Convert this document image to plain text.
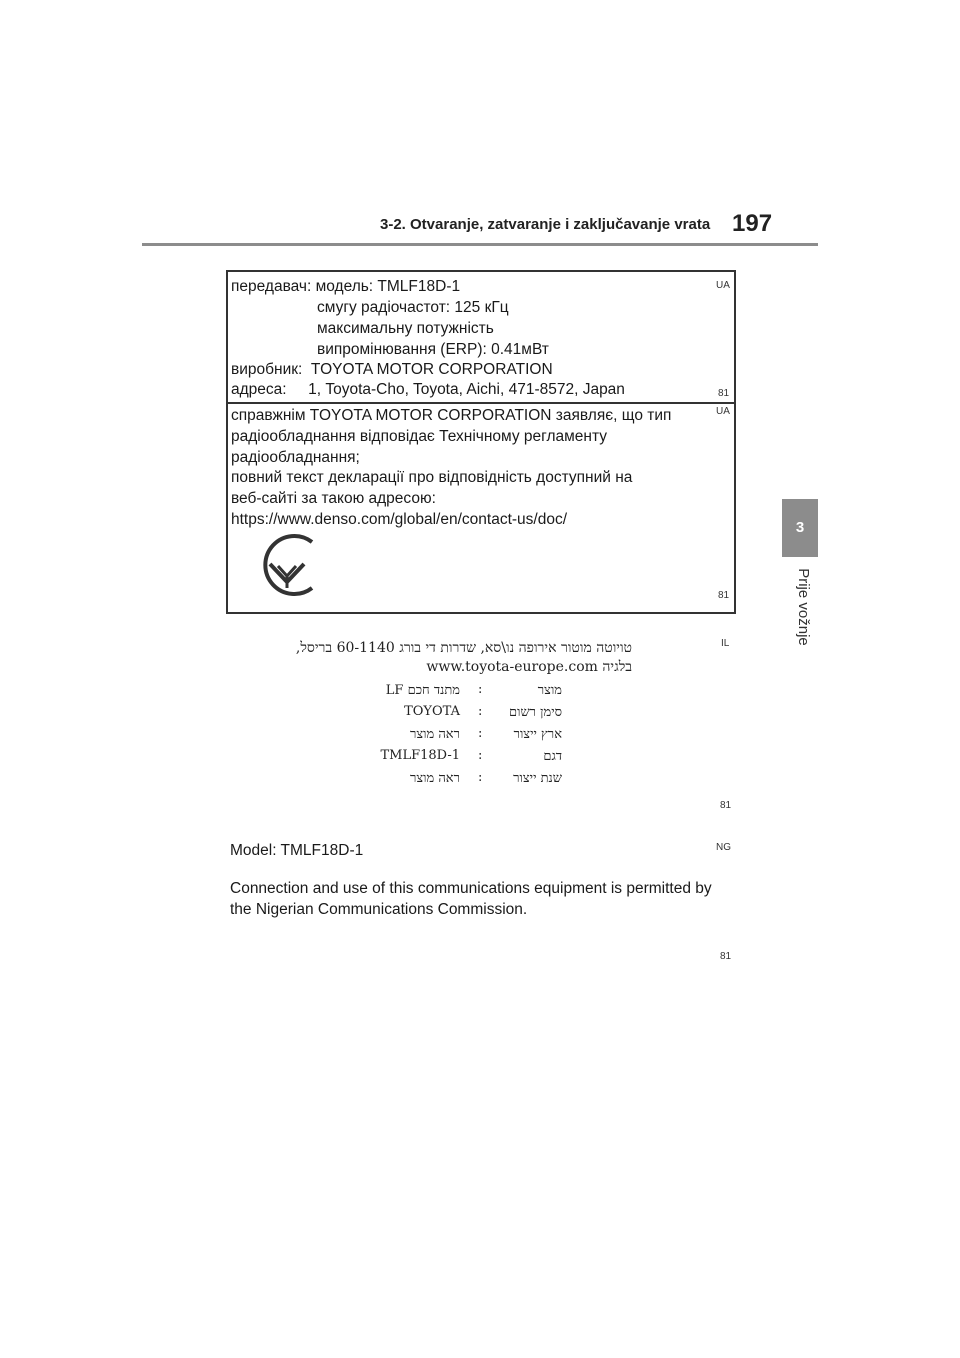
3-2. Otvaranje, zatvaranje i zaključavanje vrata 197
3
Prije vožnje
передавач: модель: TMLF18D-1
смугу радіочастот: 125 кГц
максимальну потужність
випромінювання (ERP): 0.41мВт
виробник:  TOYOTA MOTOR CORPORATION
адреса:     1, Toyota-Cho, Toyota, Aichi, 471-8572, Japan
UA
81
справжнім TOYOTA MOTOR CORPORATION заявляє, що тип
радіообладнання відповідає Технічному регламенту
радіообладнання;
повний текст декларації про відповідність доступний на
веб-сайті за такою адресою:
https://www.denso.com/global/en/contact-us/doc/
UA
81
טויוטה מוטור אירופה נו\סא, שדרות די בורג 60-1140 בריסל,
בלגיה www.toyota-europe.com
IL
LF מתנד חכם :	מוצר
TOYOTA : סימן רשום
ראה מוצר : ארץ ייצור
TMLF18D-1 :	דגם
ראה מוצר : שנת ייצור
81
Model: TMLF18D-1	NG
Connection and use of this communications equipment is permitted by
the Nigerian Communications Commission.
81
